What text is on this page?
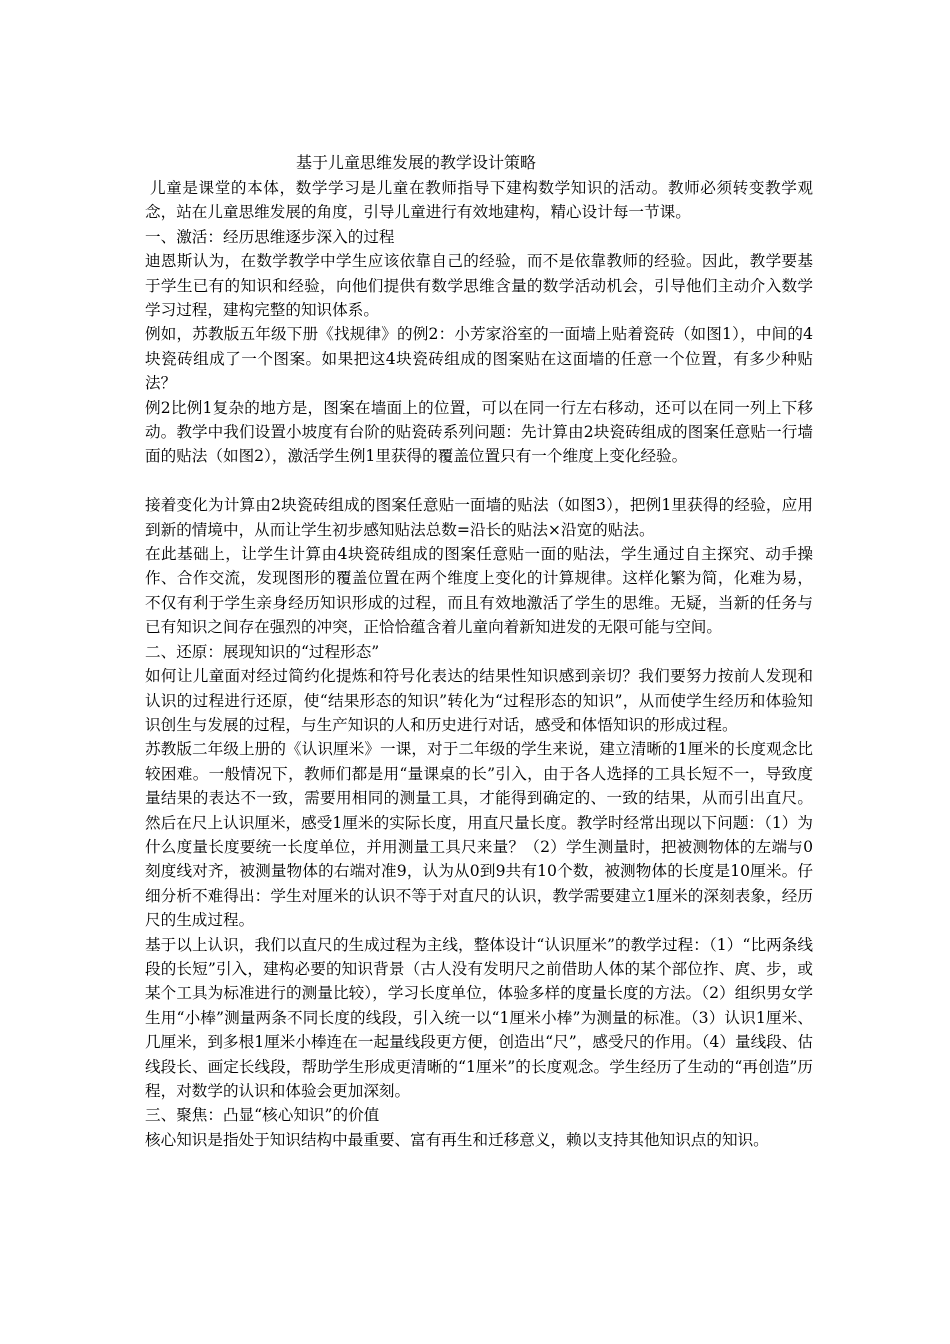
基于儿童思维发展的教学设计策略

儿童是课堂的本体，数学学习是儿童在教师指导下建构数学知识的活动。教师必须转变教学观念，站在儿童思维发展的角度，引导儿童进行有效地建构，精心设计每一节课。

一、激活：经历思维逐步深入的过程

迪恩斯认为，在数学教学中学生应该依靠自己的经验，而不是依靠教师的经验。因此，教学要基于学生已有的知识和经验，向他们提供有数学思维含量的数学活动机会，引导他们主动介入数学学习过程，建构完整的知识体系。

例如，苏教版五年级下册《找规律》的例2：小芳家浴室的一面墙上贴着瓷砖（如图1），中间的4块瓷砖组成了一个图案。如果把这4块瓷砖组成的图案贴在这面墙的任意一个位置，有多少种贴法？

例2比例1复杂的地方是，图案在墙面上的位置，可以在同一行左右移动，还可以在同一列上下移动。教学中我们设置小坡度有台阶的贴瓷砖系列问题：先计算由2块瓷砖组成的图案任意贴一行墙面的贴法（如图2），激活学生例1里获得的覆盖位置只有一个维度上变化经验。

接着变化为计算由2块瓷砖组成的图案任意贴一面墙的贴法（如图3），把例1里获得的经验，应用到新的情境中，从而让学生初步感知贴法总数=沿长的贴法×沿宽的贴法。

在此基础上，让学生计算由4块瓷砖组成的图案任意贴一面的贴法，学生通过自主探究、动手操作、合作交流，发现图形的覆盖位置在两个维度上变化的计算规律。这样化繁为简，化难为易，不仅有利于学生亲身经历知识形成的过程，而且有效地激活了学生的思维。无疑，当新的任务与已有知识之间存在强烈的冲突，正恰恰蕴含着儿童向着新知进发的无限可能与空间。

二、还原：展现知识的“过程形态”

如何让儿童面对经过简约化提炼和符号化表达的结果性知识感到亲切？我们要努力按前人发现和认识的过程进行还原，使“结果形态的知识”转化为“过程形态的知识”，从而使学生经历和体验知识创生与发展的过程，与生产知识的人和历史进行对话，感受和体悟知识的形成过程。

苏教版二年级上册的《认识厘米》一课，对于二年级的学生来说，建立清晰的1厘米的长度观念比较困难。一般情况下，教师们都是用“量课桌的长”引入，由于各人选择的工具长短不一，导致度量结果的表达不一致，需要用相同的测量工具，才能得到确定的、一致的结果，从而引出直尺。然后在尺上认识厘米，感受1厘米的实际长度，用直尺量长度。教学时经常出现以下问题：（1）为什么度量长度要统一长度单位，并用测量工具尺来量？（2）学生测量时，把被测物体的左端与0刻度线对齐，被测量物体的右端对准9，认为从0到9共有10个数，被测物体的长度是10厘米。仔细分析不难得出：学生对厘米的认识不等于对直尺的认识，教学需要建立1厘米的深刻表象，经历尺的生成过程。

基于以上认识，我们以直尺的生成过程为主线，整体设计“认识厘米”的教学过程：（1）“比两条线段的长短”引入，建构必要的知识背景（古人没有发明尺之前借助人体的某个部位拃、庹、步，或某个工具为标准进行的测量比较），学习长度单位，体验多样的度量长度的方法。（2）组织男女学生用“小棒”测量两条不同长度的线段，引入统一以“1厘米小棒”为测量的标准。（3）认识1厘米、几厘米，到多根1厘米小棒连在一起量线段更方便，创造出“尺”，感受尺的作用。（4）量线段、估线段长、画定长线段，帮助学生形成更清晰的“1厘米”的长度观念。学生经历了生动的“再创造”历程，对数学的认识和体验会更加深刻。

三、聚焦：凸显“核心知识”的价值

核心知识是指处于知识结构中最重要、富有再生和迁移意义，赖以支持其他知识点的知识。
